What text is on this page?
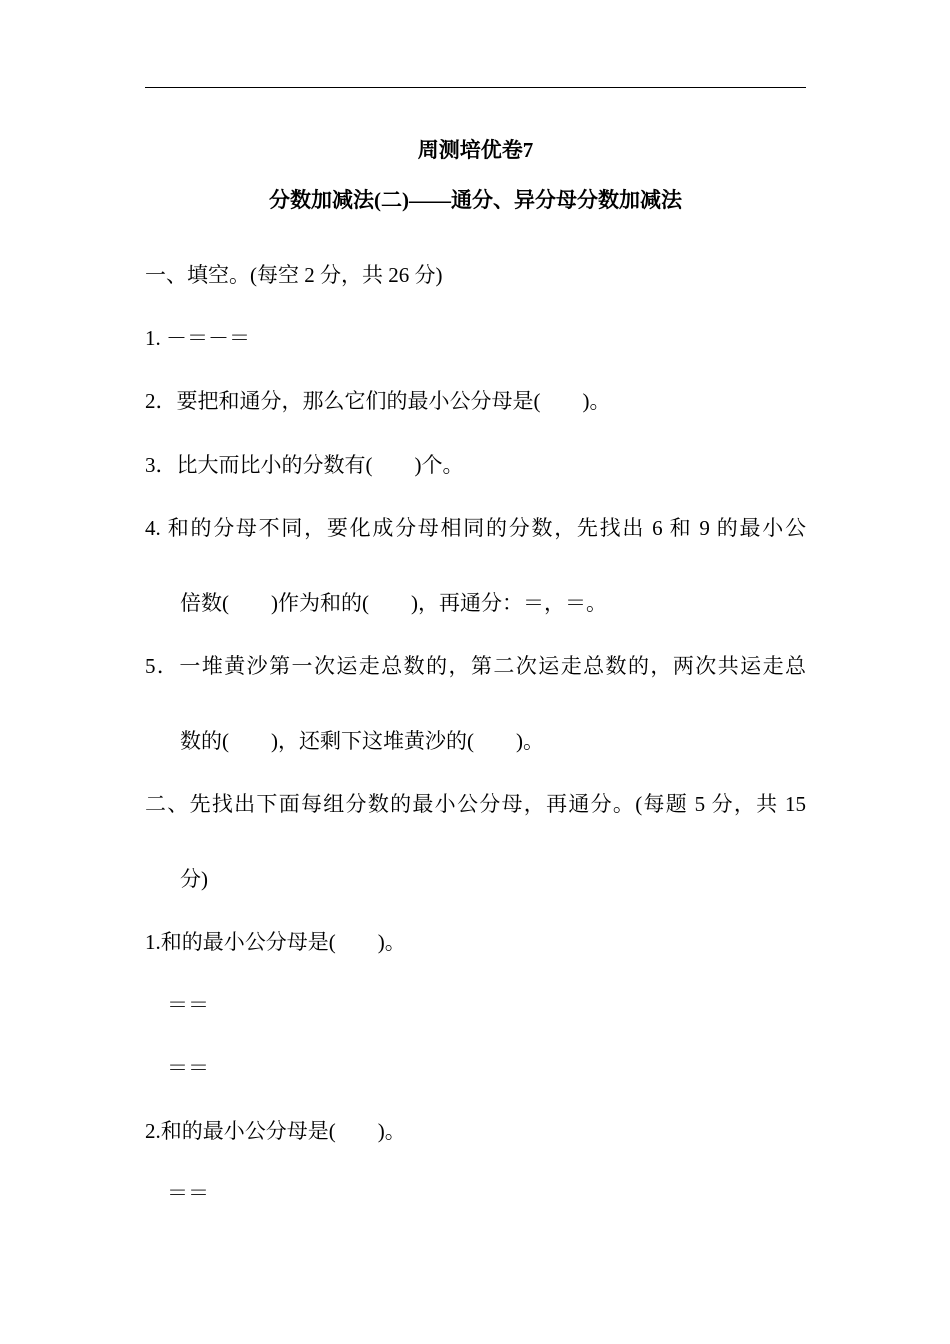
周测培优卷7
分数加减法(二)——通分、异分母分数加减法
一、填空。(每空 2 分，共 26 分)
1. －＝－＝
2．要把和通分，那么它们的最小公分母是(　　)。
3．比大而比小的分数有(　　)个。
4. 和的分母不同，要化成分母相同的分数，先找出 6 和 9 的最小公
倍数(　　)作为和的(　　)，再通分：＝，＝。
5．一堆黄沙第一次运走总数的，第二次运走总数的，两次共运走总
数的(　　)，还剩下这堆黄沙的(　　)。
二、先找出下面每组分数的最小公分母，再通分。(每题 5 分，共 15
分)
1.和的最小公分母是(　　)。
＝＝
＝＝
2.和的最小公分母是(　　)。
＝＝
